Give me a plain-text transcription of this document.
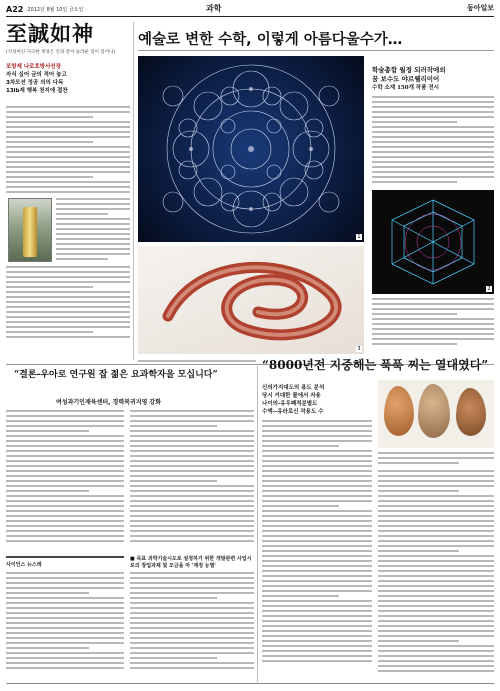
A22 2012년 8월 10일 금요일	과학	동아일보
至誠如神
(지성여신·지극한 정성은 신과 같아 놀라운 일이 일어나)
포항제 나로호방사선장
자식 실어 금의 적어 놓고
3차모션 정공 의의 다독
13lb재 행복 천지에 절찬
예술로 변한 수학, 이렇게 아름다울수가…
1
학술총합 월정 되러작에외
꿈 보수도 야르웰리이어
수학 소재 150개 작품 전시
2
3
“8000년전 지중해는 푹푹 찌는 열대였다”
“결론-우아로 연구원 잡 젊은 요과학자을 모십니다”
여성과기인재육센터, 경력복귀지영 강화
사이언스 뉴스레
■ 목표 과학기술시도로 설정하기 위한 개발관련 사업시로의 창업과제 및 모금을 마 '재정 능별'
신의가지대도의 용도 분석
당시 거대한 물에서 자용
나이의-유우폐적분별도
수액--유라로신 작용도 수
